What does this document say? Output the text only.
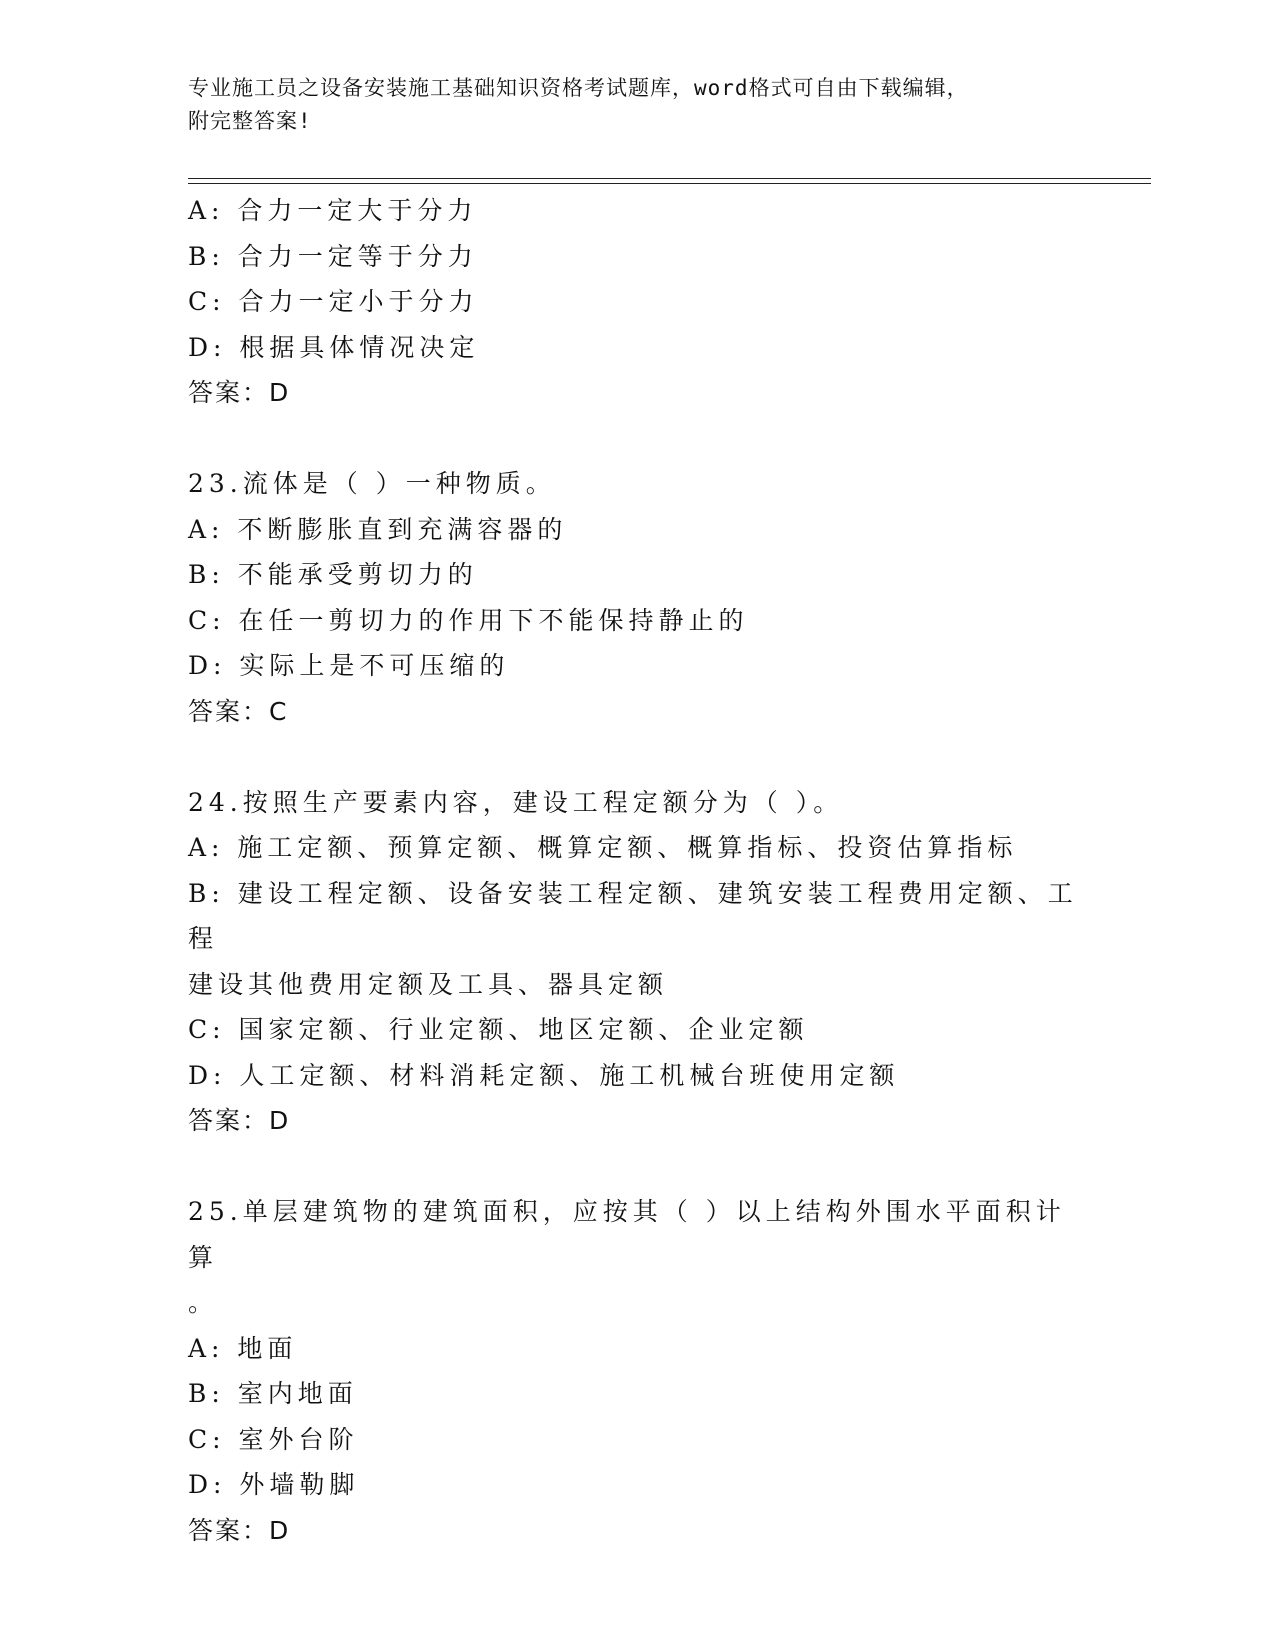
专业施工员之设备安装施工基础知识资格考试题库，word格式可自由下载编辑，
附完整答案!
A: 合力一定大于分力
B: 合力一定等于分力
C: 合力一定小于分力
D: 根据具体情况决定
答案：D
23.流体是（ ）一种物质。
A: 不断膨胀直到充满容器的
B: 不能承受剪切力的
C: 在任一剪切力的作用下不能保持静止的
D: 实际上是不可压缩的
答案：C
24.按照生产要素内容，建设工程定额分为（ ）。
A: 施工定额、预算定额、概算定额、概算指标、投资估算指标
B: 建设工程定额、设备安装工程定额、建筑安装工程费用定额、工程
建设其他费用定额及工具、器具定额
C: 国家定额、行业定额、地区定额、企业定额
D: 人工定额、材料消耗定额、施工机械台班使用定额
答案：D
25.单层建筑物的建筑面积，应按其（ ）以上结构外围水平面积计算
。
A: 地面
B: 室内地面
C: 室外台阶
D: 外墙勒脚
答案：D
